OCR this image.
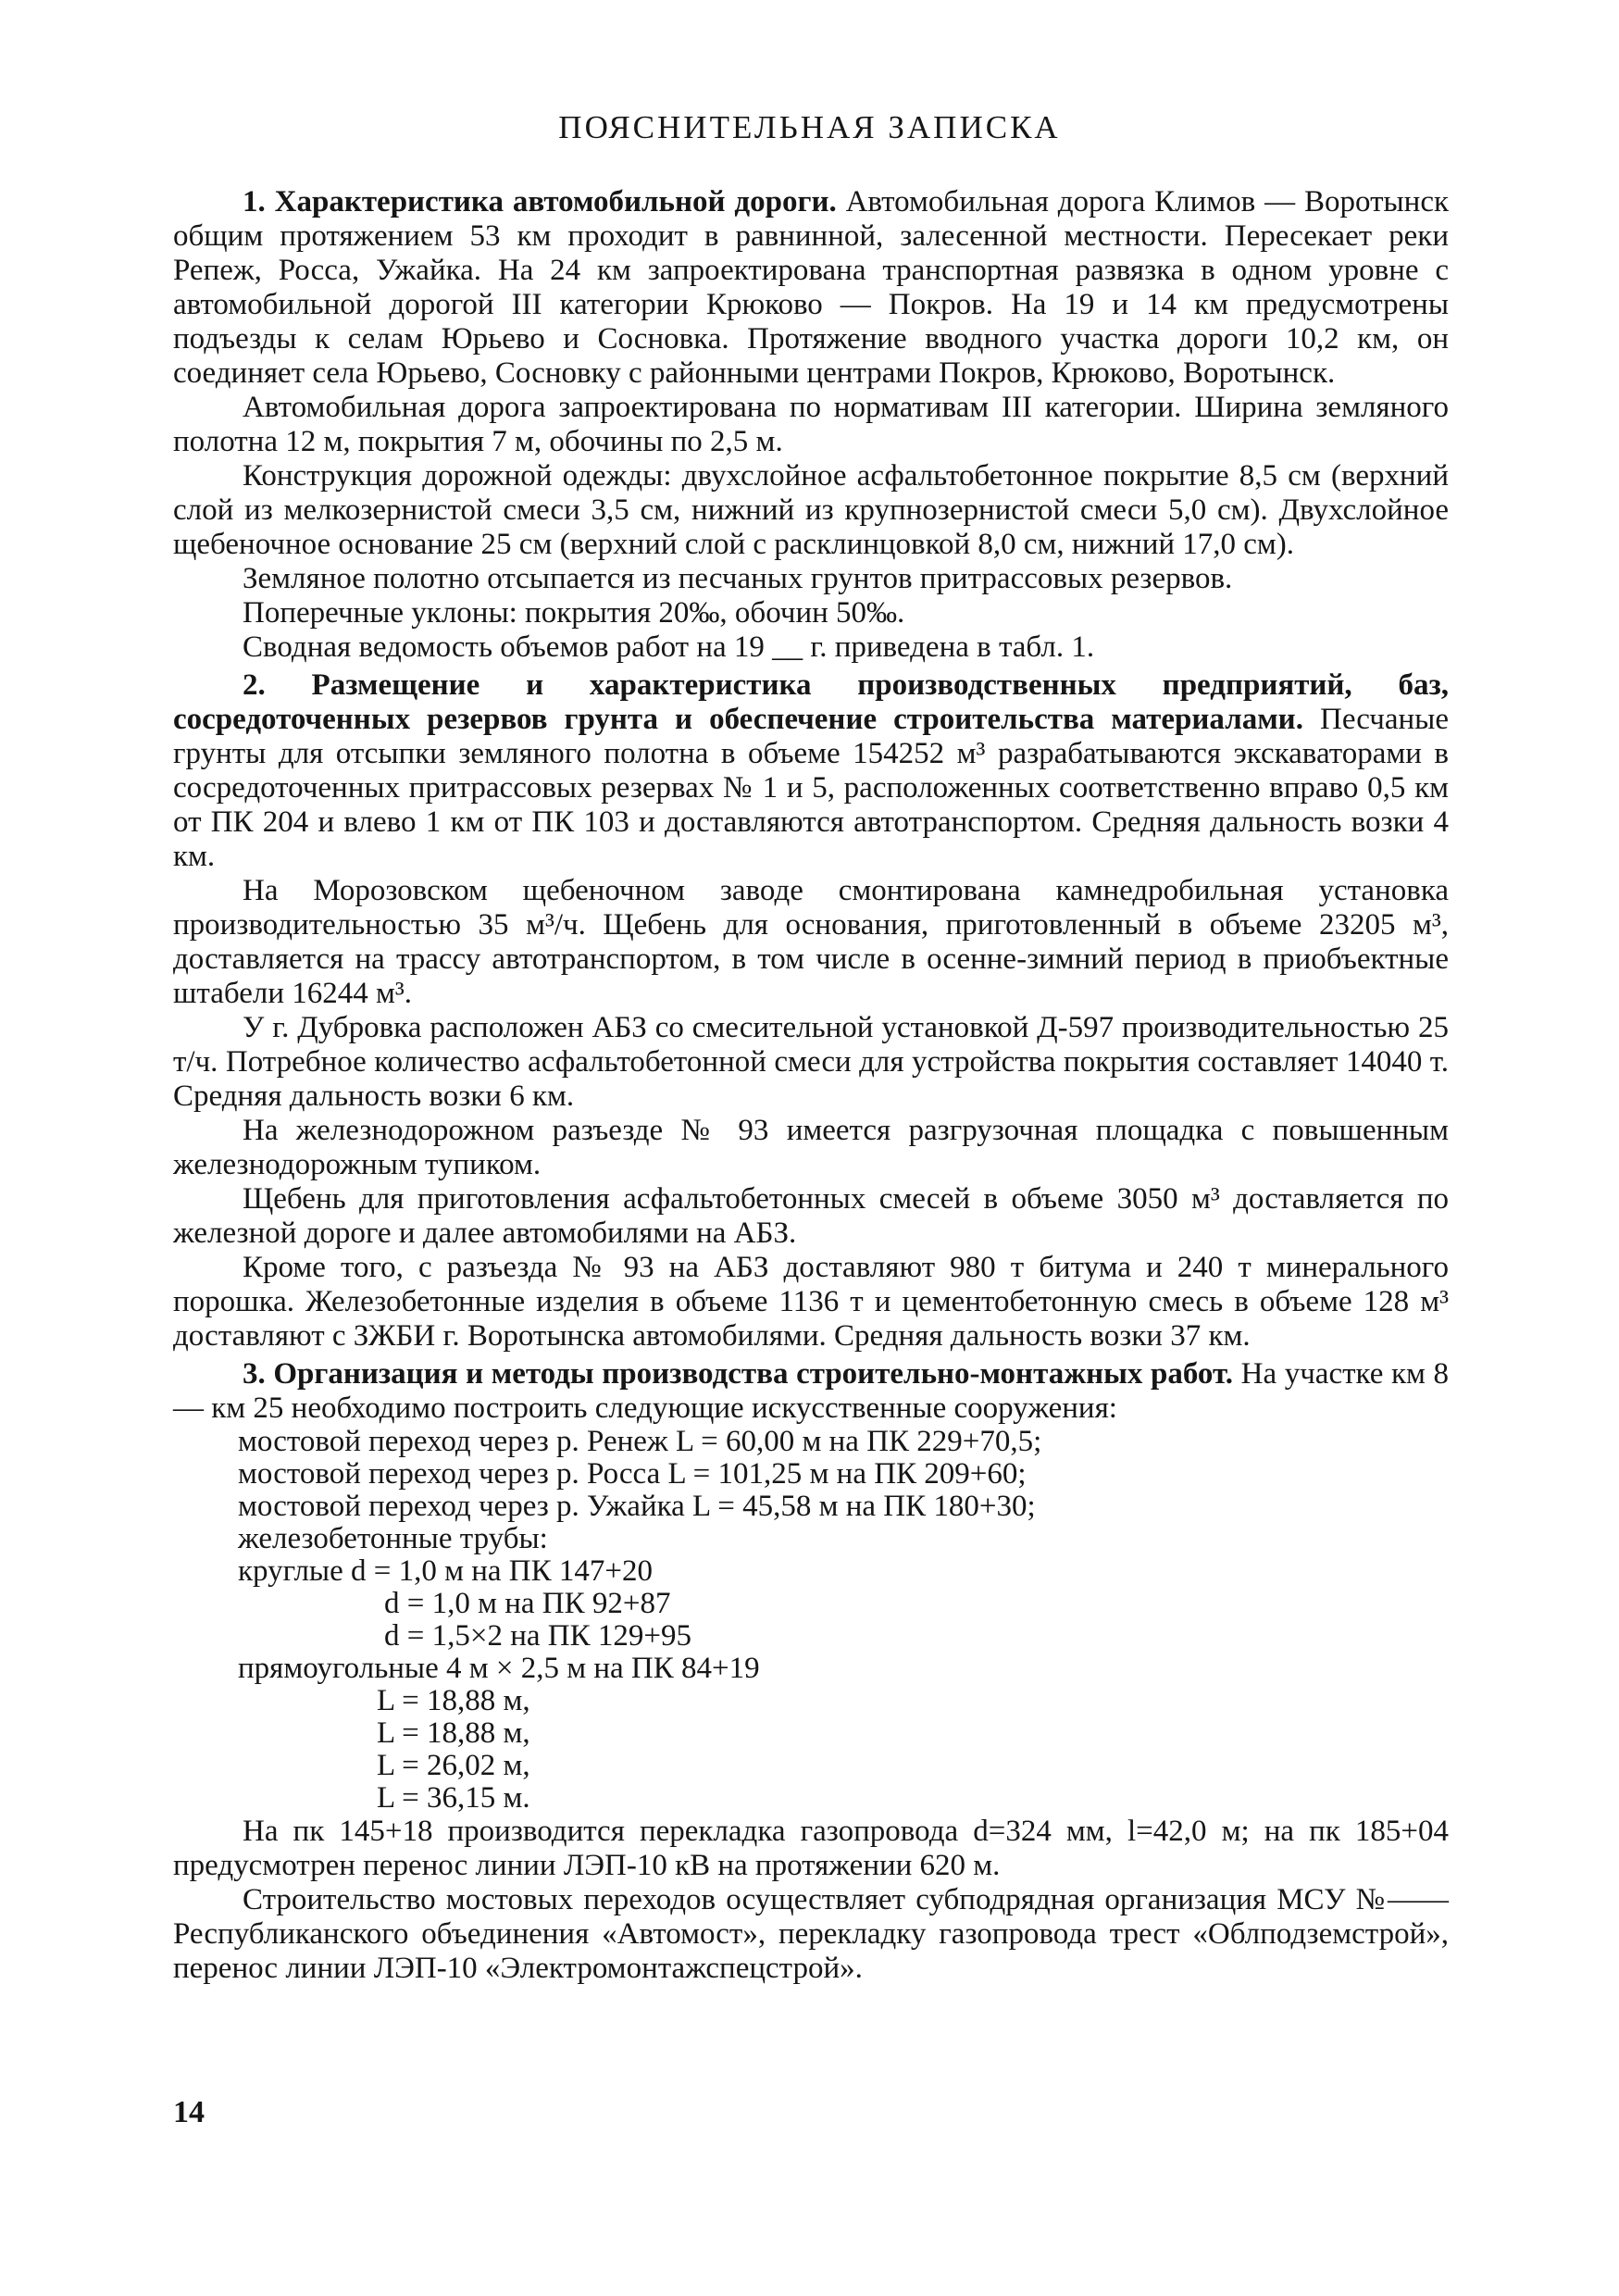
ПОЯСНИТЕЛЬНАЯ ЗАПИСКА

1. Характеристика автомобильной дороги. Автомобильная дорога Климов — Воротынск общим протяжением 53 км проходит в равнинной, залесенной местности. Пересекает реки Репеж, Росса, Ужайка. На 24 км запроектирована транспортная развязка в одном уровне с автомобильной дорогой III категории Крюково — Покров. На 19 и 14 км предусмотрены подъезды к селам Юрьево и Сосновка. Протяжение вводного участка дороги 10,2 км, он соединяет села Юрьево, Сосновку с районными центрами Покров, Крюково, Воротынск.

Автомобильная дорога запроектирована по нормативам III категории. Ширина земляного полотна 12 м, покрытия 7 м, обочины по 2,5 м.

Конструкция дорожной одежды: двухслойное асфальтобетонное покрытие 8,5 см (верхний слой из мелкозернистой смеси 3,5 см, нижний из крупнозернистой смеси 5,0 см). Двухслойное щебеночное основание 25 см (верхний слой с расклинцовкой 8,0 см, нижний 17,0 см).

Земляное полотно отсыпается из песчаных грунтов притрассовых резервов.

Поперечные уклоны: покрытия 20‰, обочин 50‰.

Сводная ведомость объемов работ на 19 __ г. приведена в табл. 1.

2. Размещение и характеристика производственных предприятий, баз, сосредоточенных резервов грунта и обеспечение строительства материалами. Песчаные грунты для отсыпки земляного полотна в объеме 154252 м³ разрабатываются экскаваторами в сосредоточенных притрассовых резервах № 1 и 5, расположенных соответственно вправо 0,5 км от ПК 204 и влево 1 км от ПК 103 и доставляются автотранспортом. Средняя дальность возки 4 км.

На Морозовском щебеночном заводе смонтирована камнедробильная установка производительностью 35 м³/ч. Щебень для основания, приготовленный в объеме 23205 м³, доставляется на трассу автотранспортом, в том числе в осенне-зимний период в приобъектные штабели 16244 м³.

У г. Дубровка расположен АБЗ со смесительной установкой Д-597 производительностью 25 т/ч. Потребное количество асфальтобетонной смеси для устройства покрытия составляет 14040 т. Средняя дальность возки 6 км.

На железнодорожном разъезде № 93 имеется разгрузочная площадка с повышенным железнодорожным тупиком.

Щебень для приготовления асфальтобетонных смесей в объеме 3050 м³ доставляется по железной дороге и далее автомобилями на АБЗ.

Кроме того, с разъезда № 93 на АБЗ доставляют 980 т битума и 240 т минерального порошка. Железобетонные изделия в объеме 1136 т и цементобетонную смесь в объеме 128 м³ доставляют с ЗЖБИ г. Воротынска автомобилями. Средняя дальность возки 37 км.

3. Организация и методы производства строительно-монтажных работ. На участке км 8 — км 25 необходимо построить следующие искусственные сооружения:

мостовой переход через р. Ренеж L = 60,00 м на ПК 229+70,5;
мостовой переход через р. Росса L = 101,25 м на ПК 209+60;
мостовой переход через р. Ужайка L = 45,58 м на ПК 180+30;
железобетонные трубы:
круглые d = 1,0 м на ПК 147+20
d = 1,0 м на ПК 92+87
d = 1,5×2 на ПК 129+95
прямоугольные 4 м × 2,5 м на ПК 84+19
L = 18,88 м,
L = 18,88 м,
L = 26,02 м,
L = 36,15 м.

На пк 145+18 производится перекладка газопровода d=324 мм, l=42,0 м; на пк 185+04 предусмотрен перенос линии ЛЭП-10 кВ на протяжении 620 м.

Строительство мостовых переходов осуществляет субподрядная организация МСУ №—— Республиканского объединения «Автомост», перекладку газопровода трест «Облподземстрой», перенос линии ЛЭП-10 «Электромонтажспецстрой».

14
